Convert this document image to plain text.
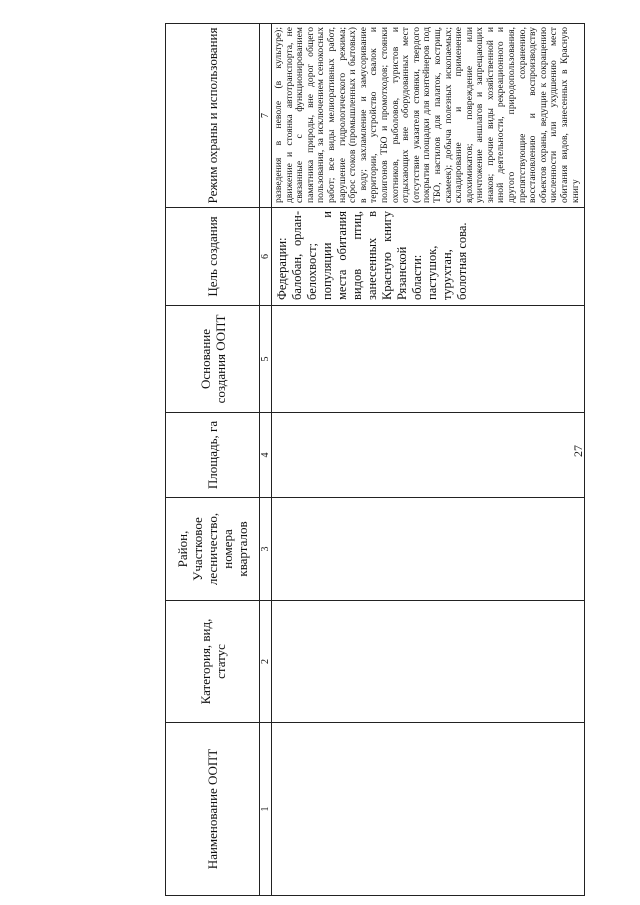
Наименование ООПТ	Категория, вид, статус	Район, Участковое лесничество, номера кварталов	Площадь, га	Основание создания ООПТ	Цель создания	Режим охраны и использования
1	2	3	4	5	6	7

					Федерации: балобан, орлан-белохвост; популяции и места обитания видов птиц, занесенных в Красную книгу Рязанской области: пастушок, турухтан, болотная сова.	разведения в неволе (в культуре); движение и стоянка автотранспорта, не связанные с функционированием памятника природы, вне дорог общего пользования, за исключением сенокосных работ; все виды мелиоративных работ, нарушение гидрологического режима; сброс стоков (промышленных и бытовых) в воду; захламление и замусоривание территории, устройство свалок и полигонов ТБО и промотходов; стоянки охотников, рыболовов, туристов и отдыхающих вне оборудованных мест (отсутствие указателя стоянки, твердого покрытия площадки для контейнеров под ТБО, настилов для палаток, кострищ, скамеек); добыча полезных ископаемых; складирование и применение ядохимикатов; повреждение или уничтожение аншлагов и запрещающих знаков; прочие виды хозяйственной и иной деятельности, рекреационного и другого природопользования, препятствующие сохранению, восстановлению и воспроизводству объектов охраны, ведущие к сокращению численности или ухудшению мест обитания видов, занесенных в Красную книгу
27
